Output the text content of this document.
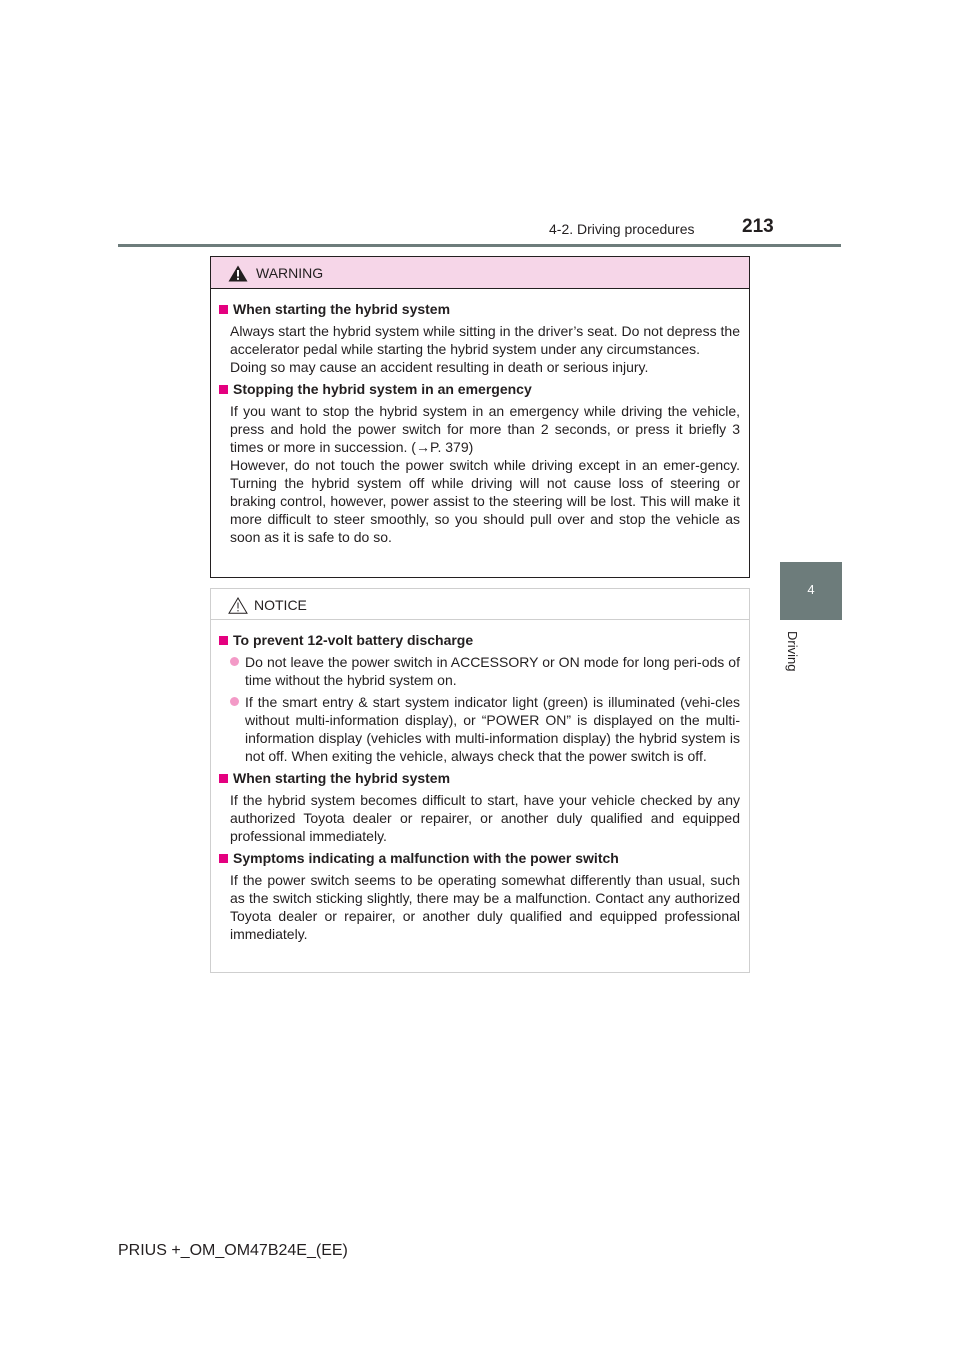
4-2. Driving procedures 213
4
Driving
WARNING
When starting the hybrid system
Always start the hybrid system while sitting in the driver’s seat. Do not depress the accelerator pedal while starting the hybrid system under any circumstances.
Doing so may cause an accident resulting in death or serious injury.
Stopping the hybrid system in an emergency
If you want to stop the hybrid system in an emergency while driving the vehicle, press and hold the power switch for more than 2 seconds, or press it briefly 3 times or more in succession. (→P. 379)
However, do not touch the power switch while driving except in an emer-gency. Turning the hybrid system off while driving will not cause loss of steering or braking control, however, power assist to the steering will be lost. This will make it more difficult to steer smoothly, so you should pull over and stop the vehicle as soon as it is safe to do so.
NOTICE
To prevent 12-volt battery discharge
Do not leave the power switch in ACCESSORY or ON mode for long peri-ods of time without the hybrid system on.
If the smart entry & start system indicator light (green) is illuminated (vehi-cles without multi-information display), or “POWER ON” is displayed on the multi-information display (vehicles with multi-information display) the hybrid system is not off. When exiting the vehicle, always check that the power switch is off.
When starting the hybrid system
If the hybrid system becomes difficult to start, have your vehicle checked by any authorized Toyota dealer or repairer, or another duly qualified and equipped professional immediately.
Symptoms indicating a malfunction with the power switch
If the power switch seems to be operating somewhat differently than usual, such as the switch sticking slightly, there may be a malfunction. Contact any authorized Toyota dealer or repairer, or another duly qualified and equipped professional immediately.
PRIUS +_OM_OM47B24E_(EE)
